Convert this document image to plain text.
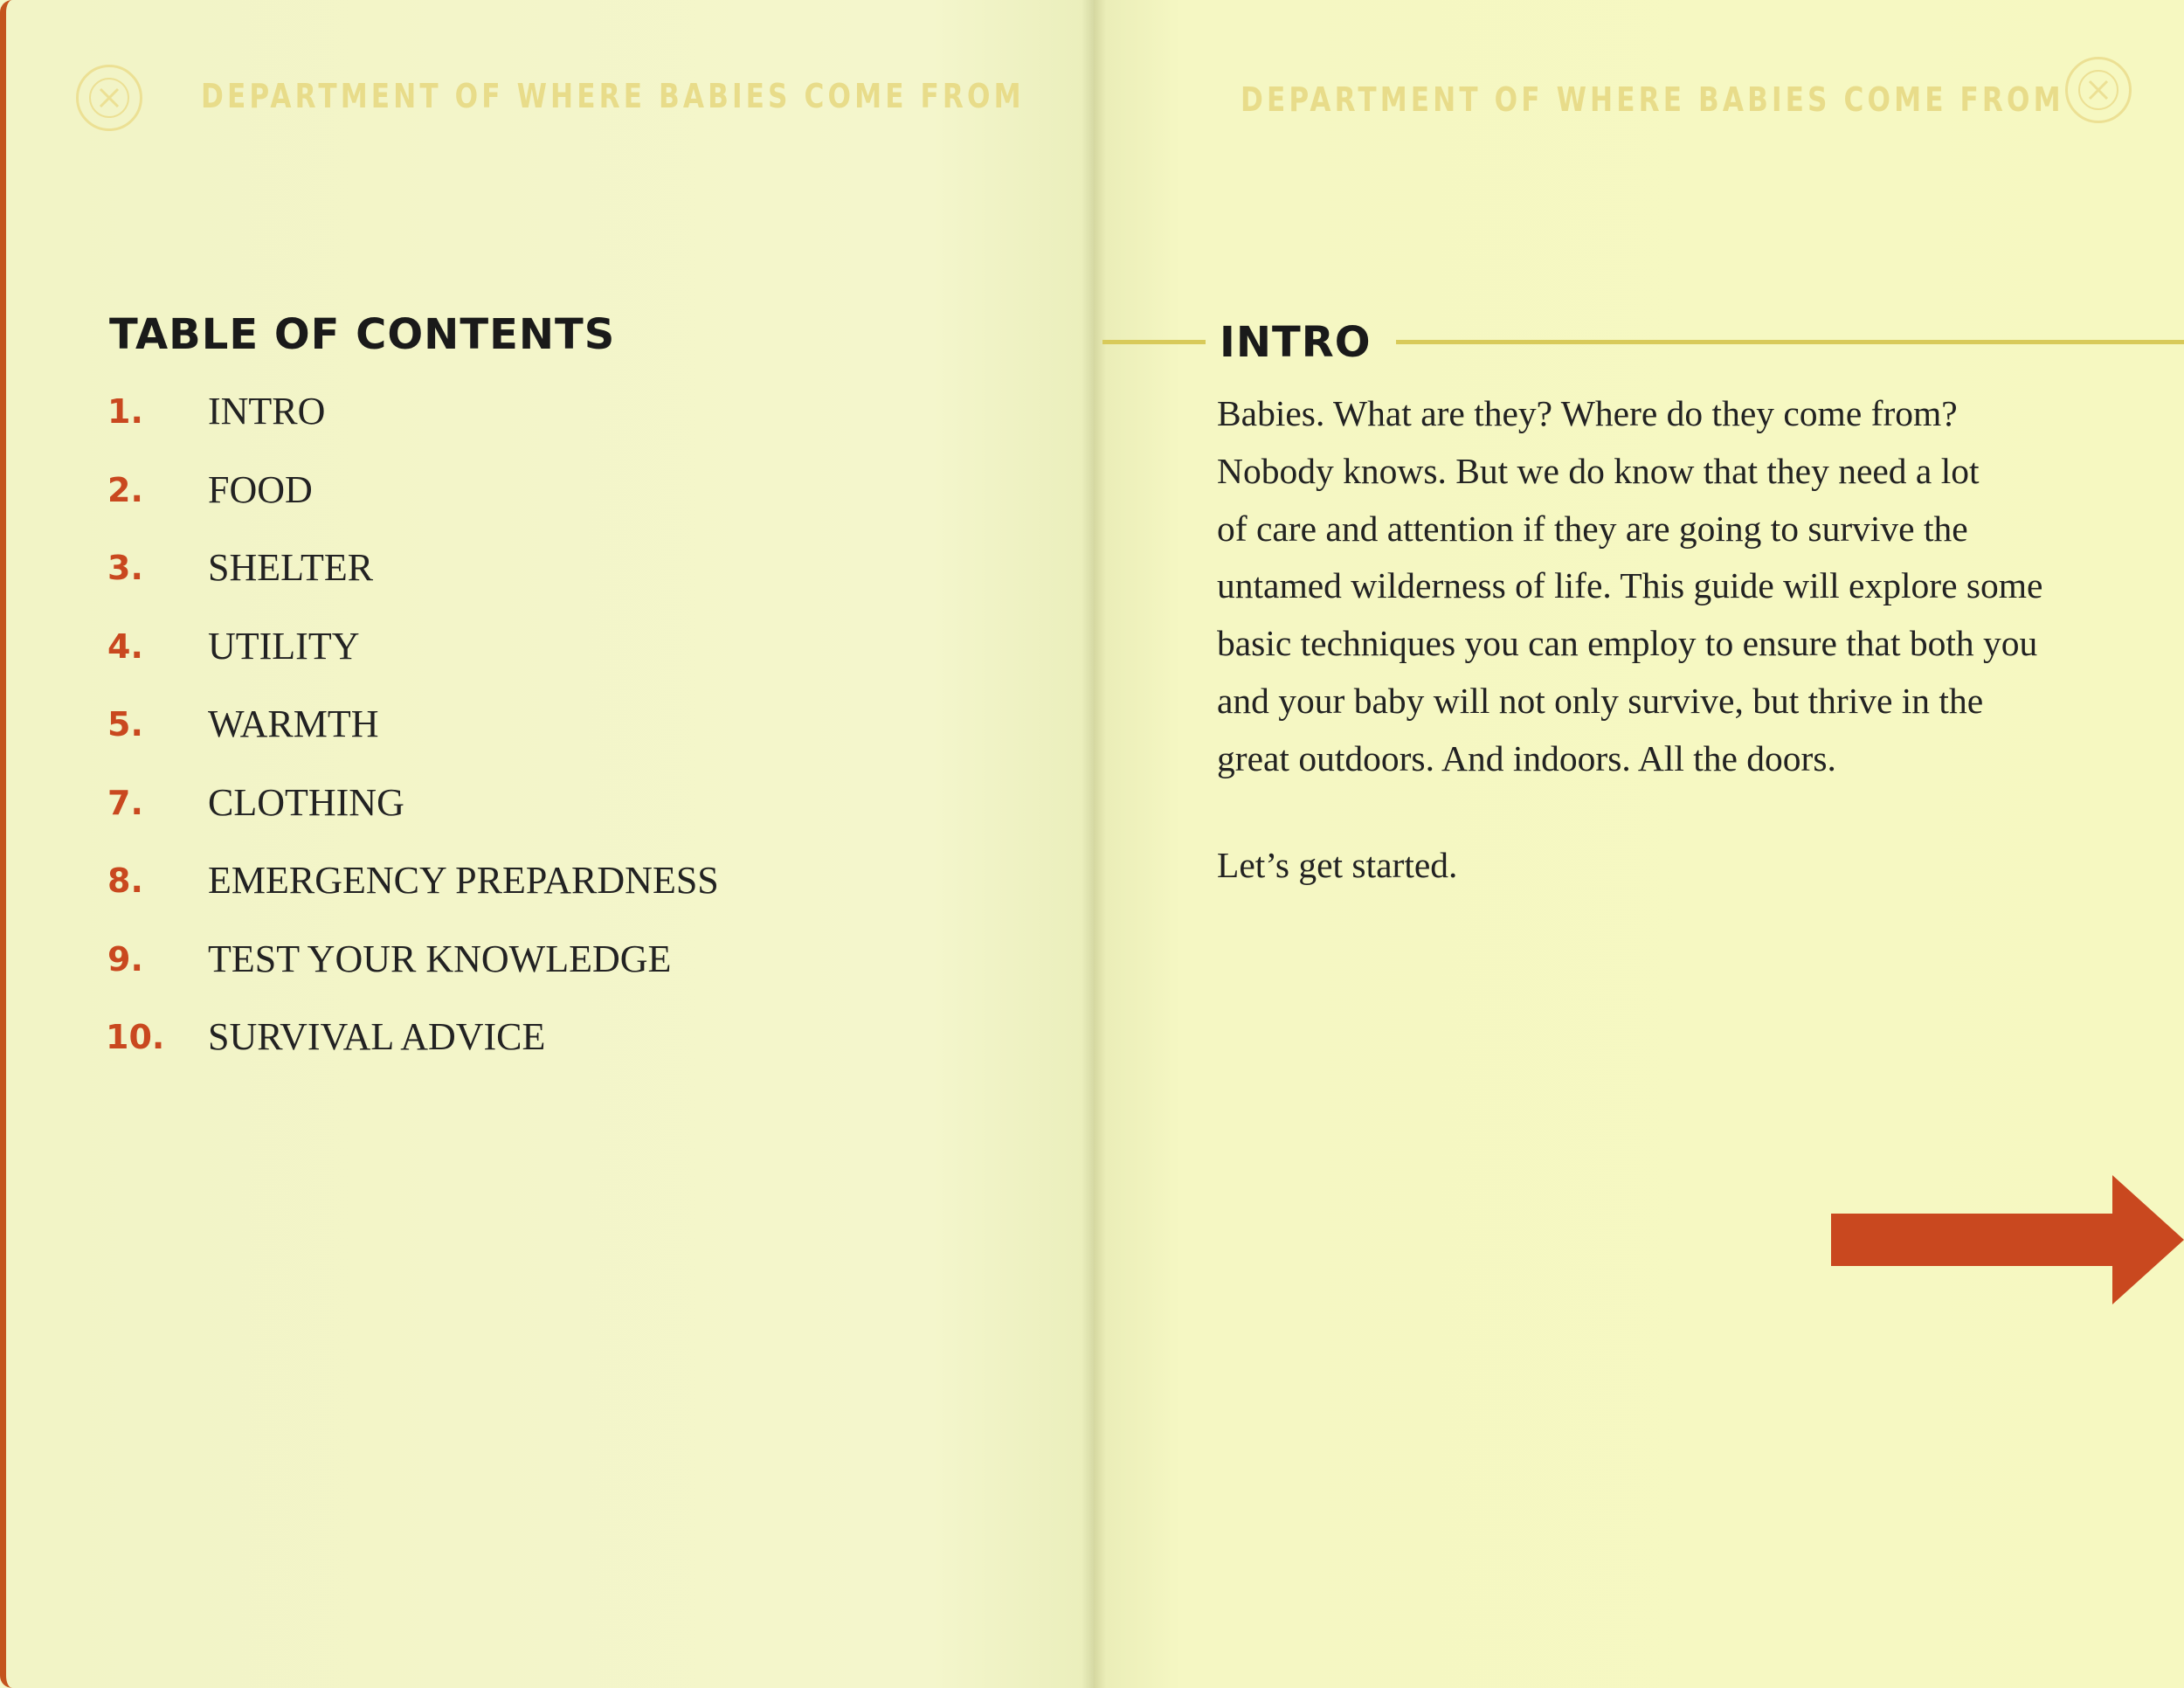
DEPARTMENT OF WHERE BABIES COME FROM
TABLE OF CONTENTS
1. INTRO
2. FOOD
3. SHELTER
4. UTILITY
5. WARMTH
7. CLOTHING
8. EMERGENCY PREPARDNESS
9. TEST YOUR KNOWLEDGE
10. SURVIVAL ADVICE
DEPARTMENT OF WHERE BABIES COME FROM
INTRO
Babies. What are they? Where do they come from?
Nobody knows. But we do know that they need a lot
of care and attention if they are going to survive the
untamed wilderness of life. This guide will explore some
basic techniques you can employ to ensure that both you
and your baby will not only survive, but thrive in the
great outdoors. And indoors. All the doors.

Let’s get started.
